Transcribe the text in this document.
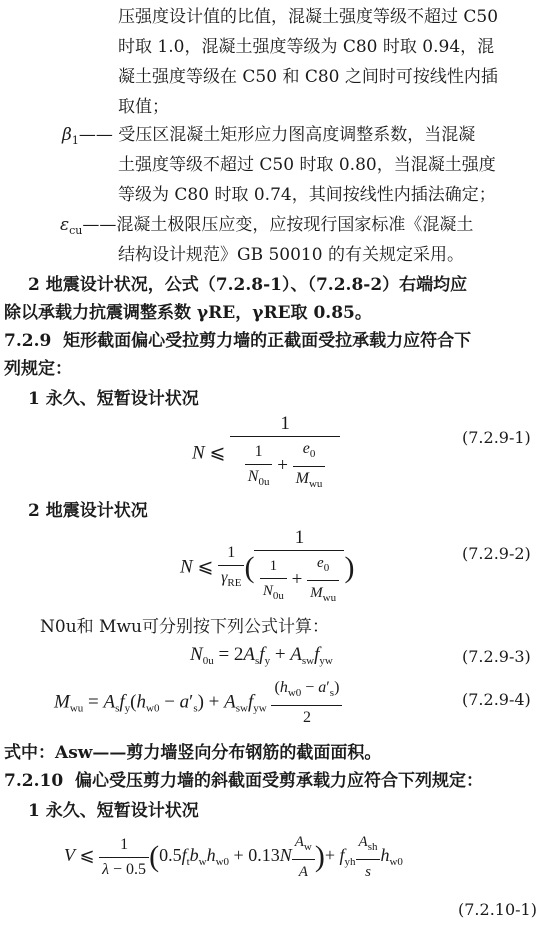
压强度设计值的比值，混凝土强度等级不超过 C50
时取 1.0，混凝土强度等级为 C80 时取 0.94，混
凝土强度等级在 C50 和 C80 之间时可按线性内插
取值；
$\beta_1——$ 受压区混凝土矩形应力图高度调整系数，当混凝
土强度等级不超过 C50 时取 0.80，当混凝土强度
等级为 C80 时取 0.74，其间按线性内插法确定；
$\varepsilon_{cu}——$混凝土极限压应变，应按现行国家标准《混凝土
结构设计规范》GB 50010 的有关规定采用。
2 地震设计状况，公式（7.2.8-1）、（7.2.8-2）右端均应
除以承载力抗震调整系数 γRE，γRE取 0.85。
7.2.9 矩形截面偏心受拉剪力墙的正截面受拉承载力应符合下
列规定：
1 永久、短暂设计状况
N ⩽ $\frac{1}{\frac{1}{N_{0u}} + \frac{e_0}{M_{wu}}}$	(7.2.9-1)
2 地震设计状况
N ⩽ $\frac{1}{\gamma_{RE}}$ ( $\frac{1}{\frac{1}{N_{0u}} + \frac{e_0}{M_{wu}}}$ )	(7.2.9-2)
N0u和 Mwu可分别按下列公式计算：
$N_{0u} = 2A_sf_y + A_{sw}f_{yw}$	(7.2.9-3)
$M_{wu} = A_sf_y(h_{w0} - a'_s) + A_{sw}f_{yw} \frac{(h_{w0} - a'_s)}{2}$	(7.2.9-4)
式中：Asw——剪力墙竖向分布钢筋的截面面积。
7.2.10 偏心受压剪力墙的斜截面受剪承载力应符合下列规定：
1 永久、短暂设计状况
V ⩽ $\frac{1}{\lambda - 0.5} (0.5f_tb_wh_{w0} + 0.13N \frac{A_w}{A}$ )+ $f_{yh} \frac{A_{sh}}{s} h_{w0}$
(7.2.10-1)
